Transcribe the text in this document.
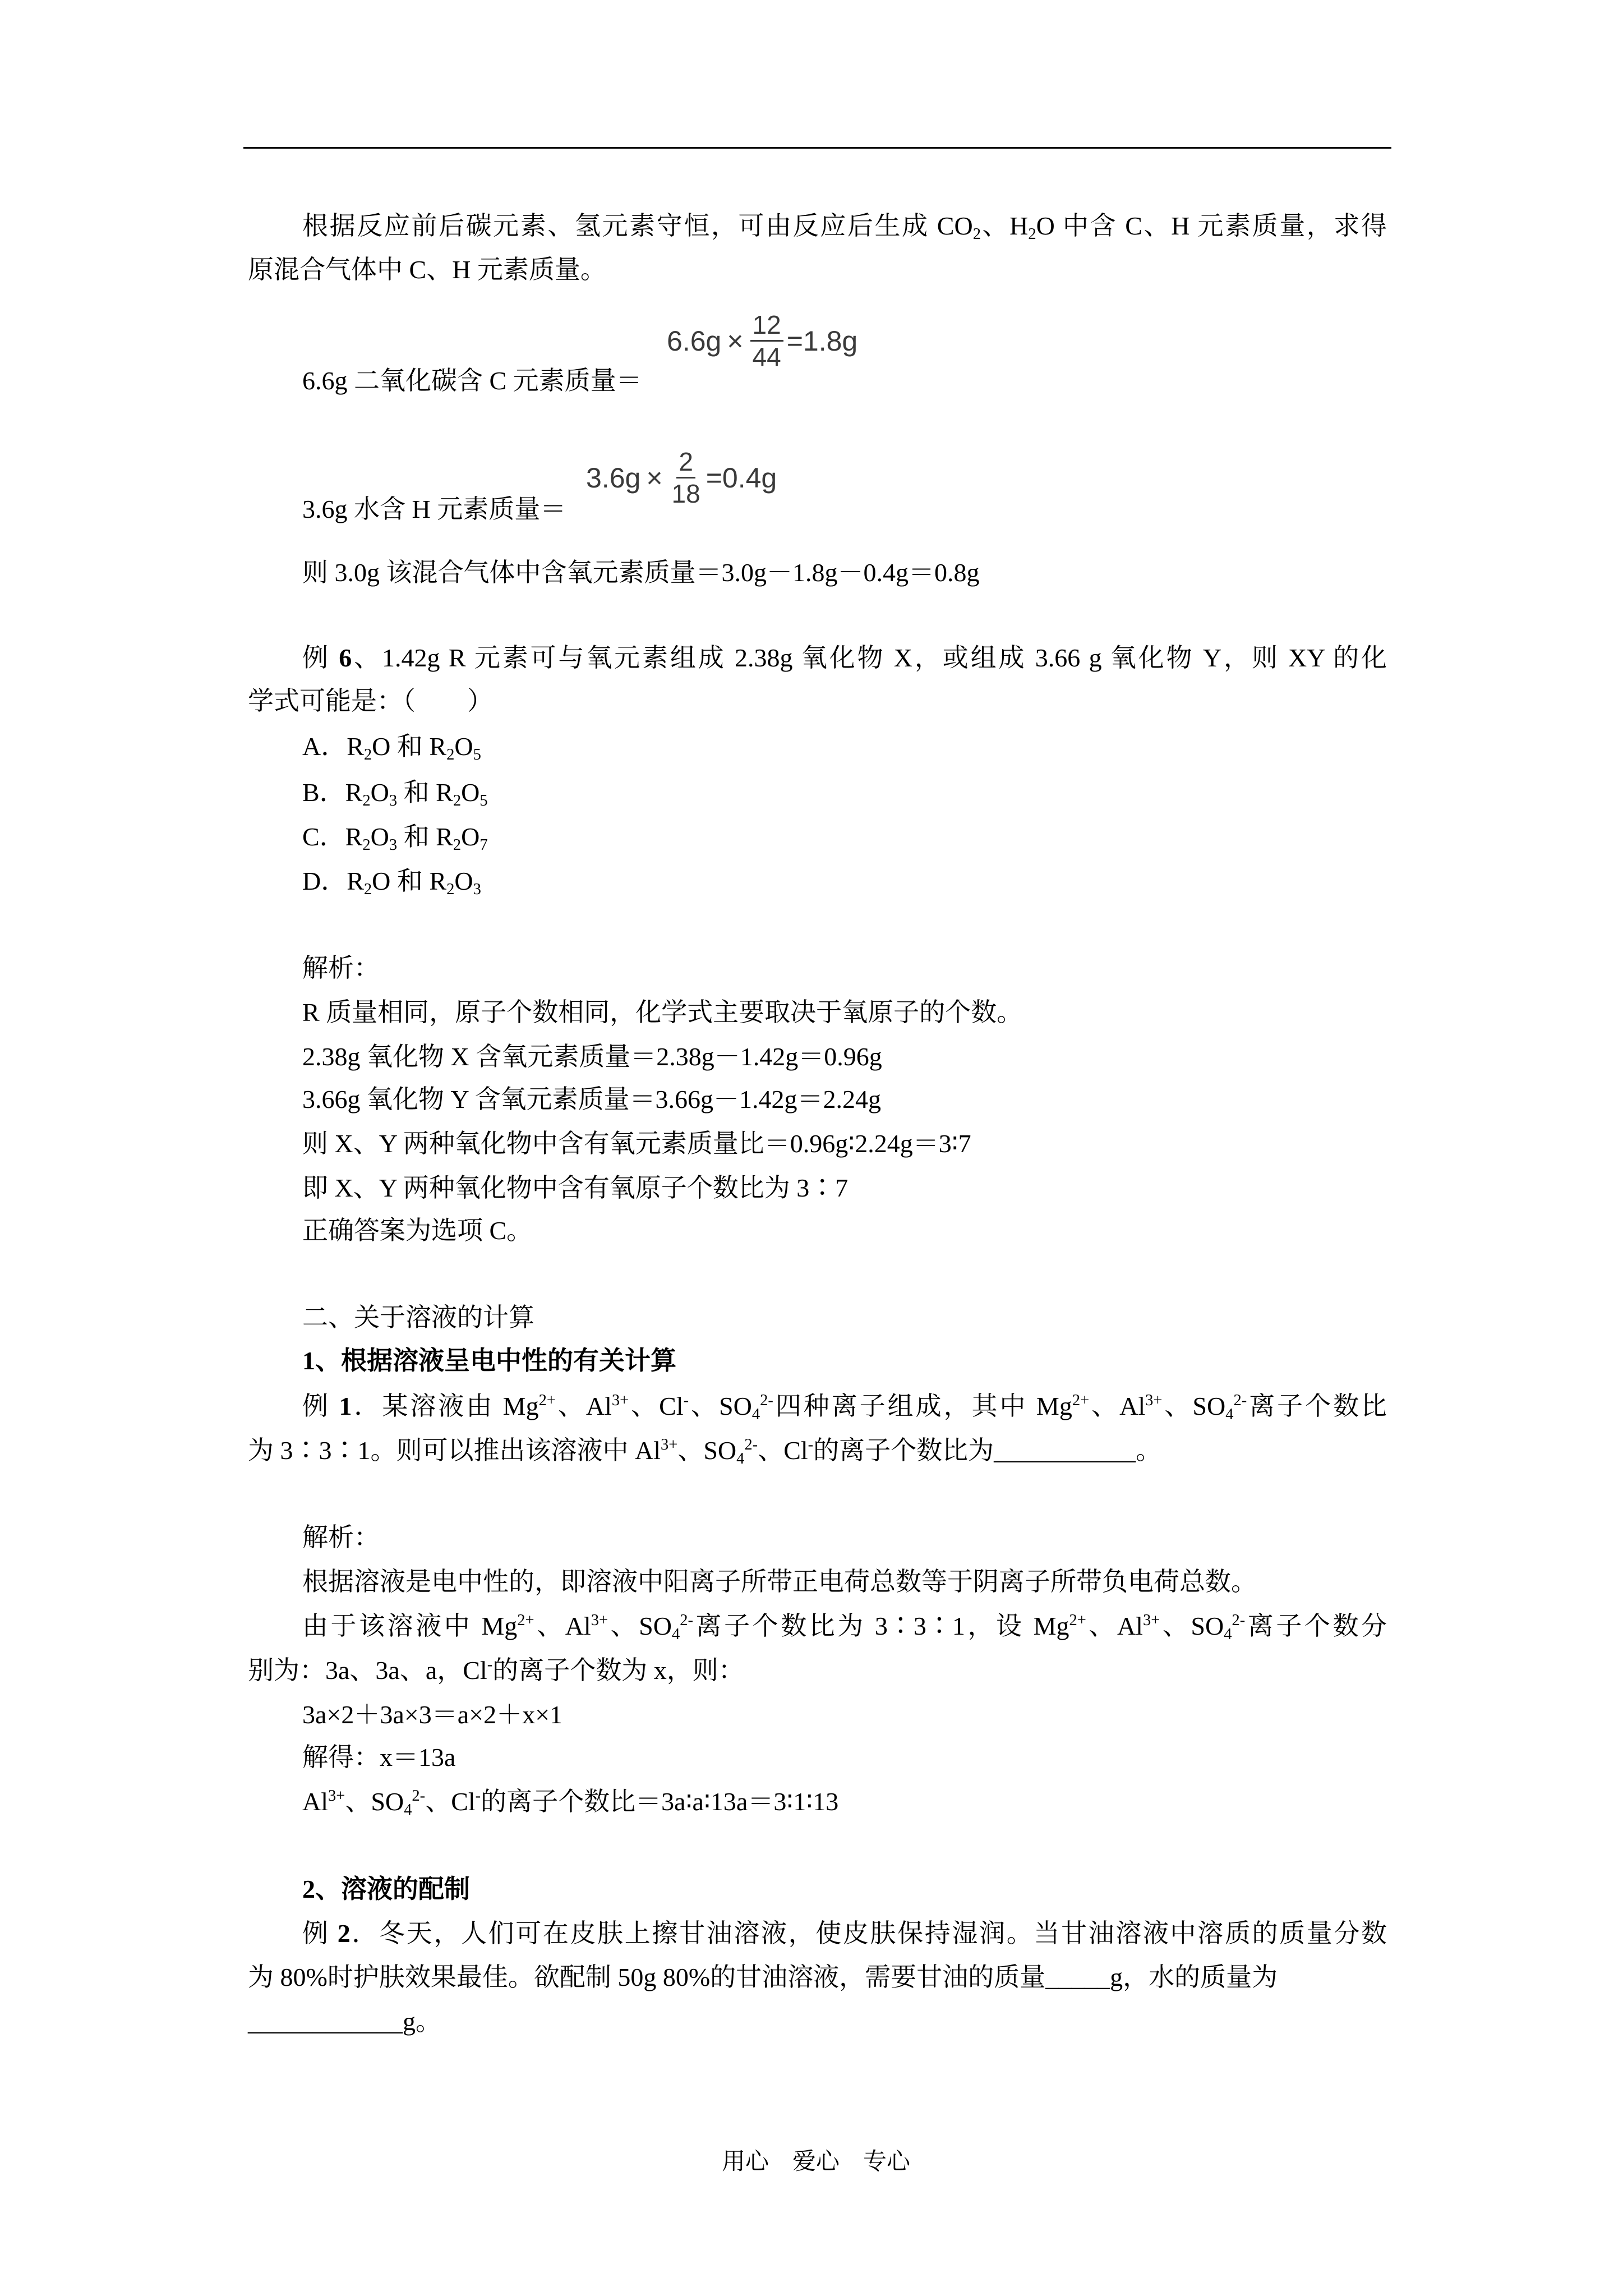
根据反应前后碳元素、氢元素守恒，可由反应后生成 $CO_2$、$H_2O$ 中含 C、H 元素质量，求得
原混合气体中 C、H 元素质量。
$6.6g \times \frac{12}{44} =1.8g$
6.6g 二氧化碳含 C 元素质量＝
$3.6g \times \frac{2}{18} =0.4g$
3.6g 水含 H 元素质量＝
则 3.0g 该混合气体中含氧元素质量＝3.0g－1.8g－0.4g＝0.8g
例 6、1.42g R 元素可与氧元素组成 2.38g 氧化物 X，或组成 3.66 g 氧化物 Y，则 XY 的化
学式可能是：（　　）
A．$R_2O$ 和 $R_2O_5$
B．$R_2O_3$ 和 $R_2O_5$
C．$R_2O_3$ 和 $R_2O_7$
D．$R_2O$ 和 $R_2O_3$
解析：
R 质量相同，原子个数相同，化学式主要取决于氧原子的个数。
2.38g 氧化物 X 含氧元素质量＝2.38g－1.42g＝0.96g
3.66g 氧化物 Y 含氧元素质量＝3.66g－1.42g＝2.24g
则 X、Y 两种氧化物中含有氧元素质量比＝0.96g∶2.24g＝3∶7
即 X、Y 两种氧化物中含有氧原子个数比为 3∶7
正确答案为选项 C。
二、关于溶液的计算
1、根据溶液呈电中性的有关计算
例 1．某溶液由 $Mg^{2+}$、$Al^{3+}$、Cl-、$SO_4^{2-}$四种离子组成，其中 $Mg^{2+}$、$Al^{3+}$、$SO_4^{2-}$离子个数比
为 3∶3∶1。则可以推出该溶液中 $Al^{3+}$、$SO_4^{2-}$、Cl-的离子个数比为___________。
解析：
根据溶液是电中性的，即溶液中阳离子所带正电荷总数等于阴离子所带负电荷总数。
由于该溶液中 $Mg^{2+}$、$Al^{3+}$、$SO_4^{2-}$离子个数比为 3∶3∶1，设 $Mg^{2+}$、$Al^{3+}$、$SO_4^{2-}$离子个数分
别为：3a、3a、a，Cl-的离子个数为 x，则：
3a×2＋3a×3＝a×2＋x×1
解得：x＝13a
$Al^{3+}$、$SO_4^{2-}$、Cl-的离子个数比＝3a∶a∶13a＝3∶1∶13
2、溶液的配制
例 2．冬天，人们可在皮肤上擦甘油溶液，使皮肤保持湿润。当甘油溶液中溶质的质量分数
为 80%时护肤效果最佳。欲配制 50g 80%的甘油溶液，需要甘油的质量_____g，水的质量为
____________g。
用心　爱心　专心
